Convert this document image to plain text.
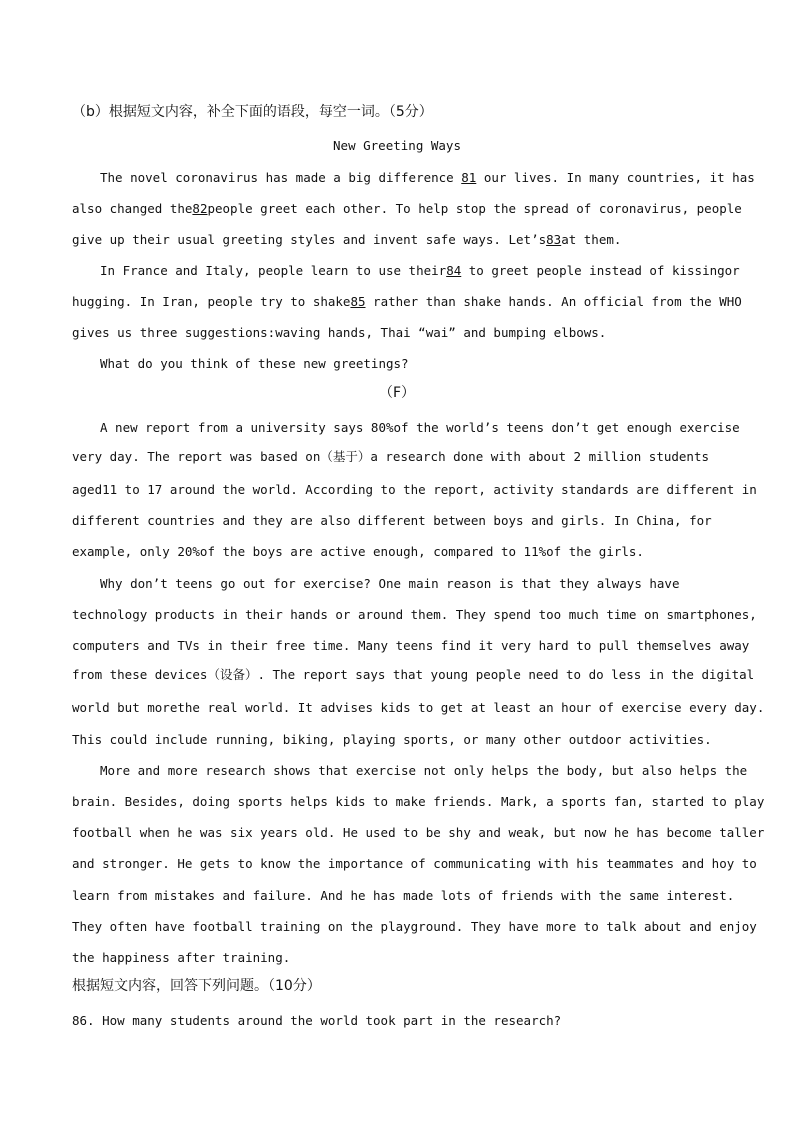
（b）根据短文内容，补全下面的语段，每空一词。（5分）
New Greeting Ways
The novel coronavirus has made a big difference 81 our lives. In many countries, it has
also changed the82people greet each other. To help stop the spread of coronavirus, people
give up their usual greeting styles and invent safe ways. Let’s83at them.
In France and Italy, people learn to use their84 to greet people instead of kissingor
hugging. In Iran, people try to shake85 rather than shake hands. An official from the WHO
gives us three suggestions:waving hands, Thai “wai” and bumping elbows.
What do you think of these new greetings?
（F）
A new report from a university says 80%of the world’s teens don’t get enough exercise
very day. The report was based on（基于）a research done with about 2 million students
aged11 to 17 around the world. According to the report, activity standards are different in
different countries and they are also different between boys and girls. In China, for
example, only 20%of the boys are active enough, compared to 11%of the girls.
Why don’t teens go out for exercise? One main reason is that they always have
technology products in their hands or around them. They spend too much time on smartphones,
computers and TVs in their free time. Many teens find it very hard to pull themselves away
from these devices（设备）. The report says that young people need to do less in the digital
world but morethe real world. It advises kids to get at least an hour of exercise every day.
This could include running, biking, playing sports, or many other outdoor activities.
More and more research shows that exercise not only helps the body, but also helps the
brain. Besides, doing sports helps kids to make friends. Mark, a sports fan, started to play
football when he was six years old. He used to be shy and weak, but now he has become taller
and stronger. He gets to know the importance of communicating with his teammates and hoy to
learn from mistakes and failure. And he has made lots of friends with the same interest.
They often have football training on the playground. They have more to talk about and enjoy
the happiness after training.
根据短文内容，回答下列问题。（10分）
86. How many students around the world took part in the research?
